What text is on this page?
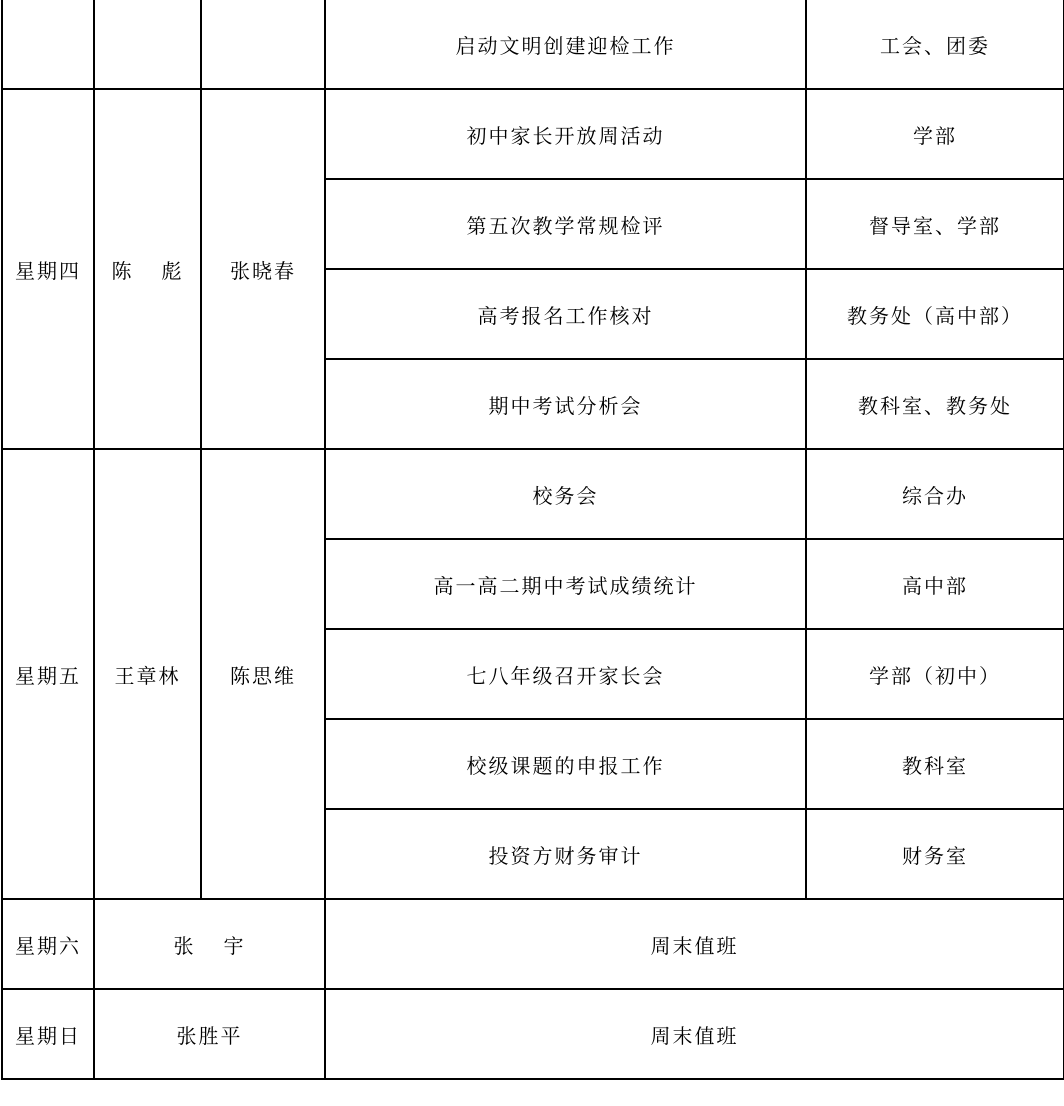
			启动文明创建迎检工作	工会、团委
星期四	陈 彪	张晓春	初中家长开放周活动	学部
			第五次教学常规检评	督导室、学部
			高考报名工作核对	教务处（高中部）
			期中考试分析会	教科室、教务处
星期五	王章林	陈思维	校务会	综合办
			高一高二期中考试成绩统计	高中部
			七八年级召开家长会	学部（初中）
			校级课题的申报工作	教科室
			投资方财务审计	财务室
星期六	张 宇		周末值班	
星期日	张胜平		周末值班	
